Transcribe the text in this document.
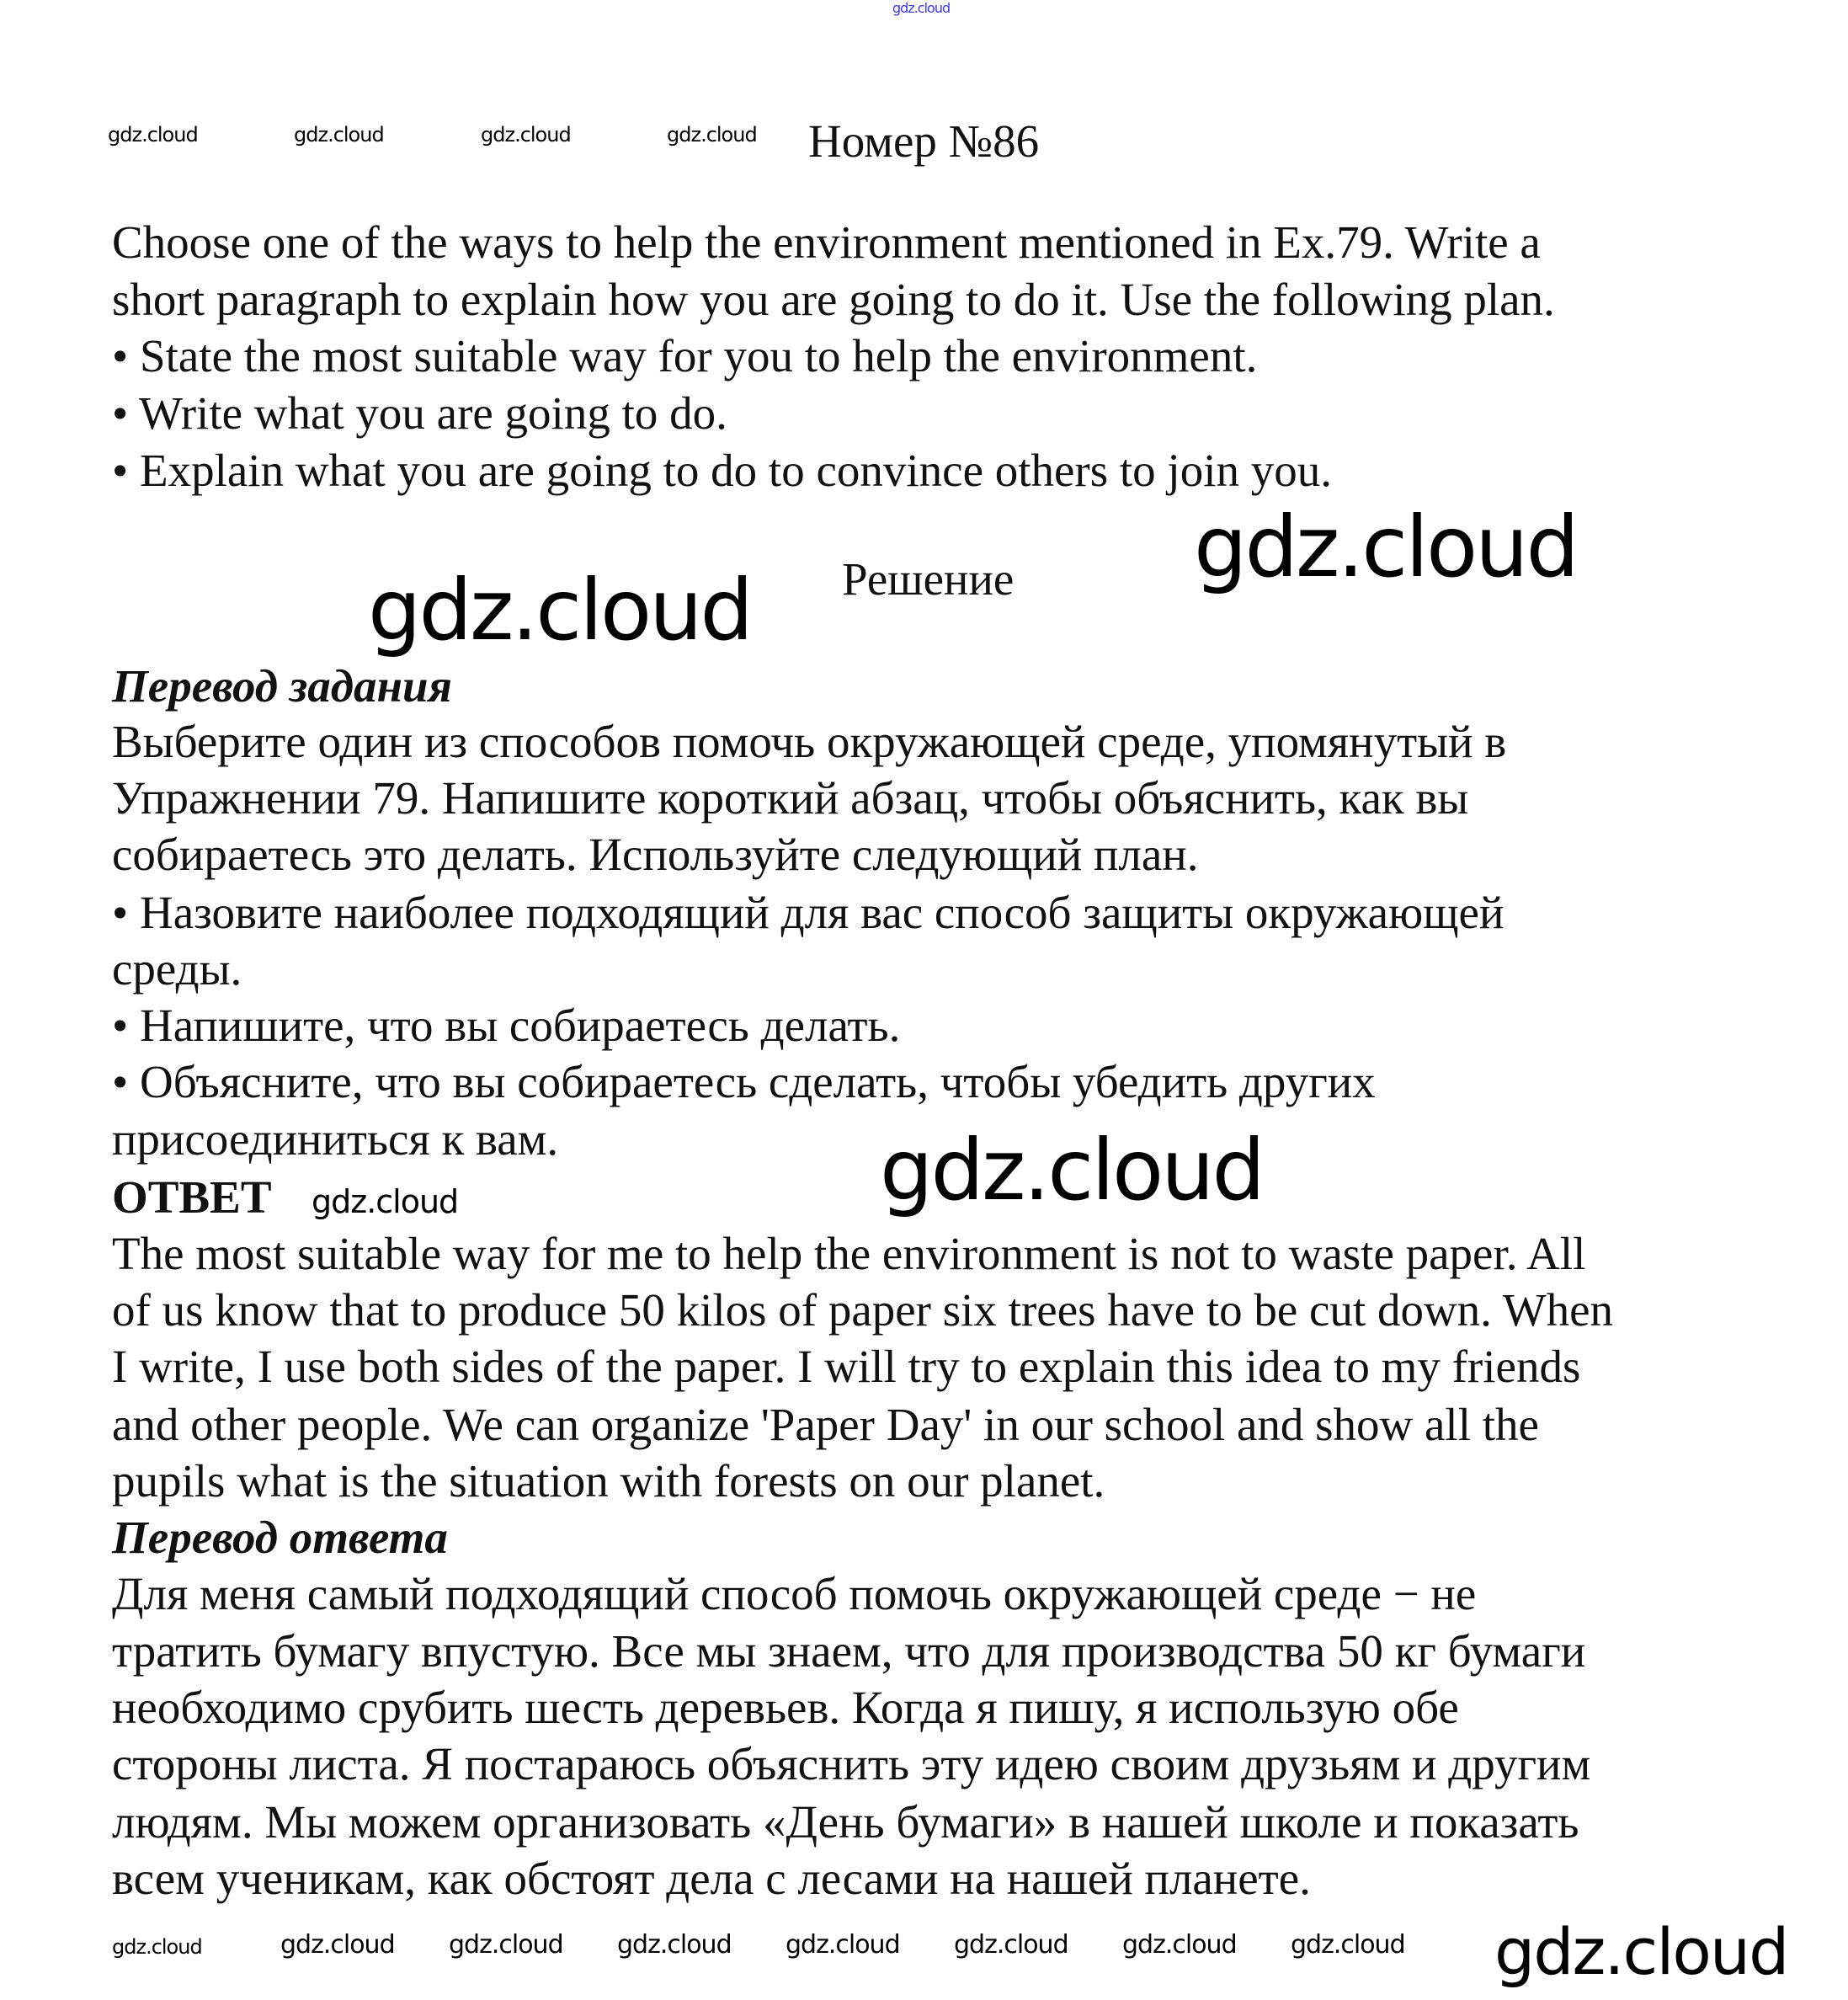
gdz.cloud
gdz.cloud	gdz.cloud	gdz.cloud	gdz.cloud Номер №86
Choose one of the ways to help the environment mentioned in Ex.79. Write a
short paragraph to explain how you are going to do it. Use the following plan.
• State the most suitable way for you to help the environment.
• Write what you are going to do.
• Explain what you are going to do to convince others to join you.
Решение gdz.cloud
gdz.cloud
Перевод задания
Выберите один из способов помочь окружающей среде, упомянутый в
Упражнении 79. Напишите короткий абзац, чтобы объяснить, как вы
собираетесь это делать. Используйте следующий план.
• Назовите наиболее подходящий для вас способ защиты окружающей
среды.
• Напишите, что вы собираетесь делать.
• Объясните, что вы собираетесь сделать, чтобы убедить других
присоединиться к вам.	gdz.cloud
ОТВЕТ gdz.cloud
The most suitable way for me to help the environment is not to waste paper. All
of us know that to produce 50 kilos of paper six trees have to be cut down. When
I write, I use both sides of the paper. I will try to explain this idea to my friends
and other people. We can organize 'Paper Day' in our school and show all the
pupils what is the situation with forests on our planet.
Перевод ответа
Для меня самый подходящий способ помочь окружающей среде − не
тратить бумагу впустую. Все мы знаем, что для производства 50 кг бумаги
необходимо срубить шесть деревьев. Когда я пишу, я использую обе
стороны листа. Я постараюсь объяснить эту идею своим друзьям и другим
людям. Мы можем организовать «День бумаги» в нашей школе и показать
всем ученикам, как обстоят дела с лесами на нашей планете.
gdz.cloud	gdz.cloud gdz.cloud gdz.cloud gdz.cloud gdz.cloud gdz.cloud gdz.cloud gdz.cloud
